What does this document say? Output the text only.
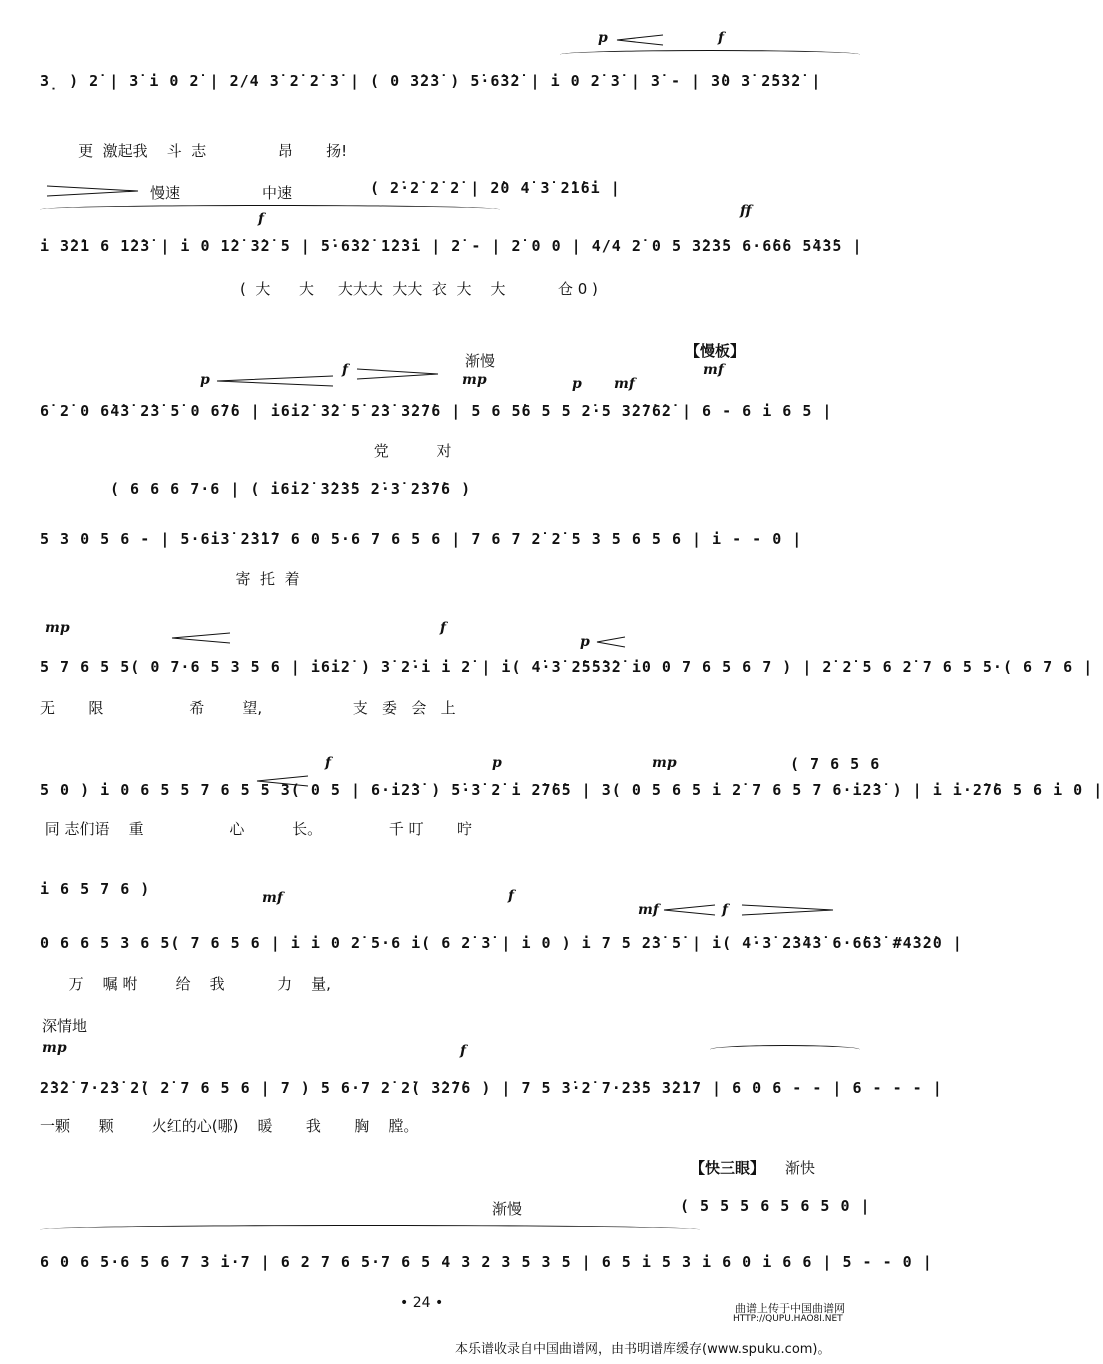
p	f
3̣ ) 2̇ | 3̇ i 0 2̇ | 2/4 3̇ 2̇ 2̇ 3̇ | ( 0 3̇2̇3̇ ) 5̇·6̇3̇2̇ | i 0 2̇ 3̇ | 3̇ - | 3̇0 3̇ 2̇5̇3̇2̇ |
更  激起我    斗  志               昂       扬!
慢速	中速	( 2̇·2̇ 2̇ 2̇ | 2̇0 4̇ 3̇ 2̇1̇6i |
f	ff
i 3̇2̇1 6 1̇2̇3̇ | i 0 1̇2̇ 3̇2̇ 5 | 5̇·6̇3̇2̇ 1̇2̇3̇i | 2̇ - | 2̇ 0 0 | 4/4 2̇ 0 5 3̇2̇3̇5 6·6̇6̇6 5̇4̇3̇5 |
(  大      大     大大大  大大  衣  大    大           仓 0 )
【慢板】
渐慢
p
f
mp	p mf
mf
6̇ 2̇ 0 6̇4̇3̇ 2̇3̇ 5̇ 0 6̇7̇6 | i6i2̇ 3̇2̇ 5̇ 2̇3̇ 3̇2̇7̇6 | 5 6 5̇6 5 5 2̇·5 3̇2̇7̇6̇2̇ | 6 - 6 i 6 5 |
党          对
( 6 6 6 7·6 | ( i6i2̇ 3̇2̇3̇5 2̇·3̇ 2̇3̇7̇6 )
5 3 0 5 6 - | 5·6i3̇ 2̇3̇1̇7 6 0 5·6 7 6 5 6 | 7 6 7 2̇ 2̇ 5 3 5 6 5 6 | i - - 0 |
寄  托  着
mp	f
p
5 7 6 5 5( 0 7·6 5 3 5 6 | i6i2̇ ) 3̇ 2̇·i i 2̇ | i( 4̇·3̇ 2̇5̇5̇3̇2̇ i0 0 7 6 5 6 7 ) | 2̇ 2̇ 5 6 2̇ 7 6 5 5·( 6 7 6 |
无       限                  希        望,                   支   委   会   上
( 7 6 5 6
f	p	mp
5 0 ) i 0 6 5 5 7 6 5 5 3( 0 5 | 6·i2̇3̇ ) 5̇·3̇ 2̇ i 2̇7̇6̇5 | 3( 0 5 6 5 i 2̇ 7 6 5 7 6·i2̇3̇ ) | i i·2̇7̇6 5 6 i 0 |
同 志们语    重                  心          长。              千 叮       咛
i 6 5 7 6 )	mf	f
mf	f
0 6 6 5 3 6 5( 7 6 5 6 | i i 0 2̇ 5·6 i( 6 2̇ 3̇ | i 0 ) i 7 5 2̇3̇ 5̇ | i( 4̇·3̇ 2̇3̇4̇3̇ 6·6̇6̇3̇ #4̇3̇2̇0 |
万    嘱 咐        给    我           力    量,
深情地
mp	f
2̇3̇2̇ 7·2̇3̇ 2̇( 2̇ 7 6 5 6 | 7 ) 5 6·7 2̇ 2̇( 3̇2̇7̇6 ) | 7 5 3̇·2̇ 7·2̇3̇5 3̇2̇1̇7 | 6 0 6 - - | 6 - - - |
一颗      颗        火红的心(哪)    暖       我       胸    膛。
【快三眼】 渐快
渐慢	( 5 5 5 6 5 6 5 0 |
6 0 6 5·6 5 6 7 3 i·7 | 6 2 7 6 5·7 6 5 4 3 2 3 5 3 5 | 6 5 i 5 3 i 6 0 i 6 6 | 5 - - 0 |
• 24 •	曲谱上传于中国曲谱网
HTTP://QUPU.HAO8I.NET
本乐谱收录自中国曲谱网，由书明谱库缓存(www.spuku.com)。
